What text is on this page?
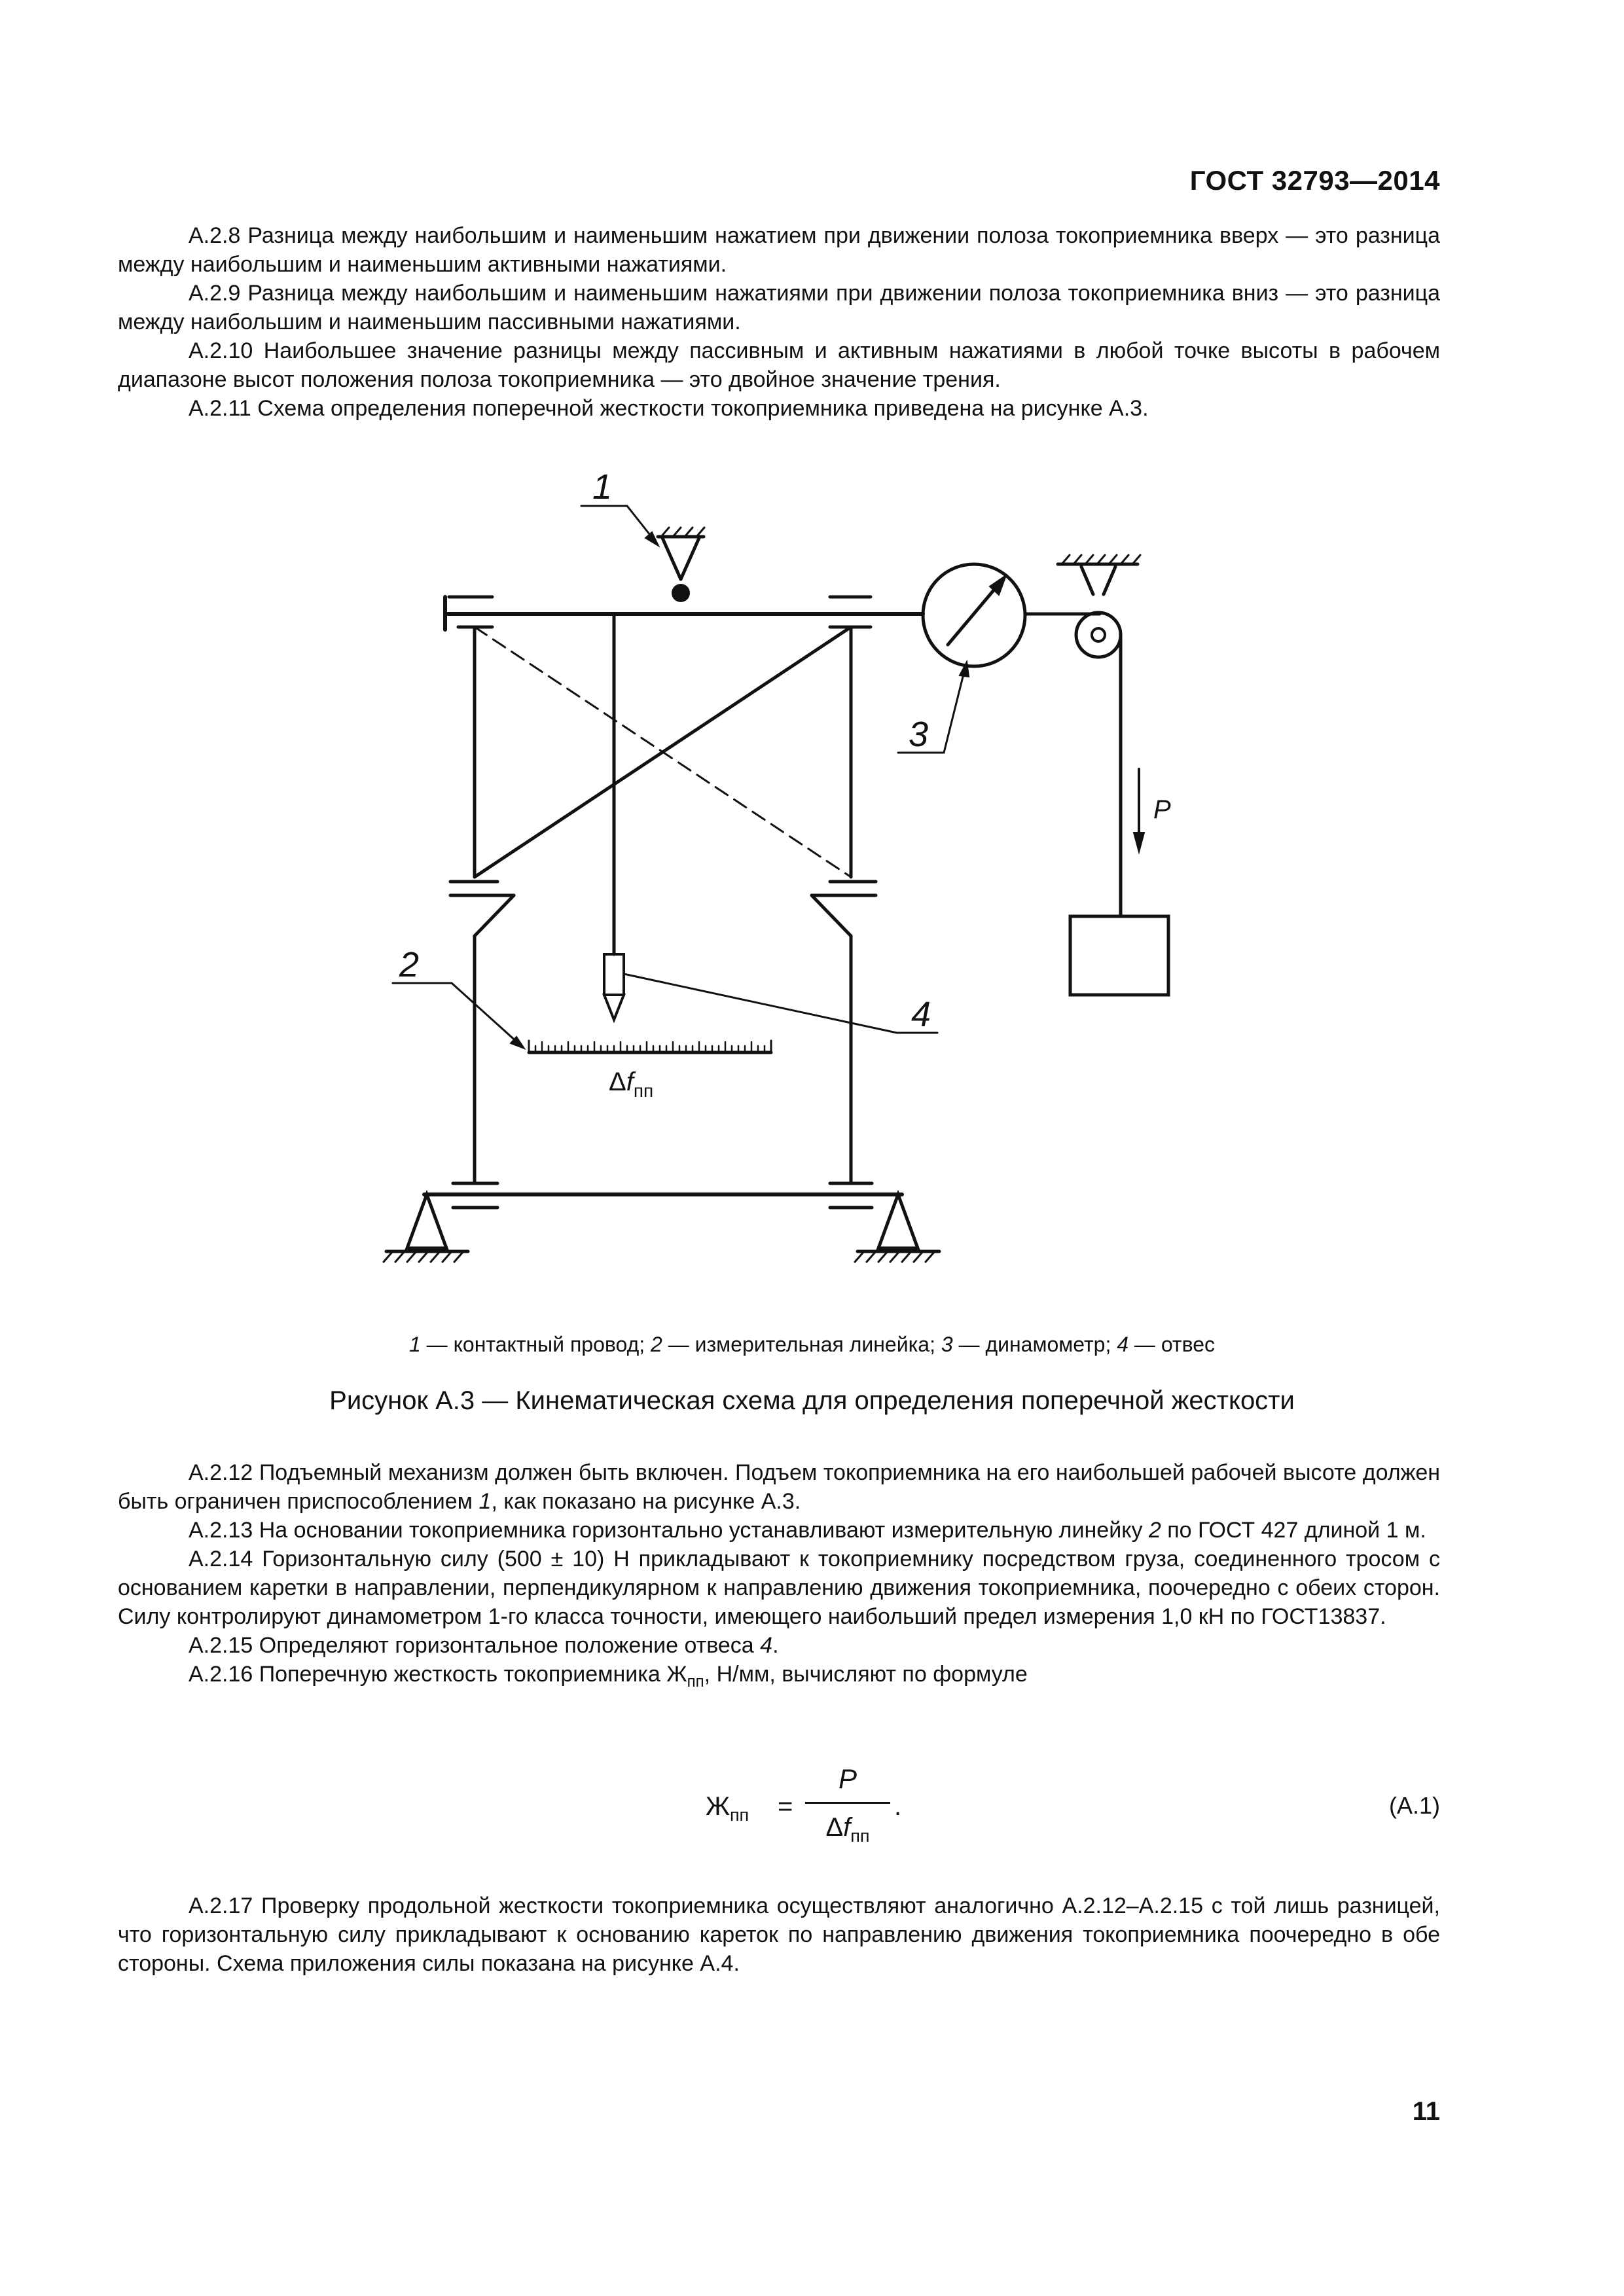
ГОСТ 32793—2014

А.2.8 Разница между наибольшим и наименьшим нажатием при движении полоза токоприемника вверх — это разница между наибольшим и наименьшим активными нажатиями.

А.2.9 Разница между наибольшим и наименьшим нажатиями при движении полоза токоприемника вниз — это разница между наибольшим и наименьшим пассивными нажатиями.

А.2.10 Наибольшее значение разницы между пассивным и активным нажатиями в любой точке высоты в рабочем диапазоне высот положения полоза токоприемника — это двойное значение трения.

А.2.11 Схема определения поперечной жесткости токоприемника приведена на рисунке А.3.

1
2
3
4
P
$\Delta f_{пп}$
1 — контактный провод; 2 — измерительная линейка; 3 — динамометр; 4 — отвес
Рисунок А.3 — Кинематическая схема для определения поперечной жесткости

А.2.12 Подъемный механизм должен быть включен. Подъем токоприемника на его наибольшей рабочей высоте должен быть ограничен приспособлением 1, как показано на рисунке А.3.

А.2.13 На основании токоприемника горизонтально устанавливают измерительную линейку 2 по ГОСТ 427 длиной 1 м.

А.2.14 Горизонтальную силу (500 ± 10) Н прикладывают к токоприемнику посредством груза, соединенного тросом с основанием каретки в направлении, перпендикулярном к направлению движения токоприемника, поочередно с обеих сторон. Силу контролируют динамометром 1-го класса точности, имеющего наибольший предел измерения 1,0 кН по ГОСТ13837.

А.2.15 Определяют горизонтальное положение отвеса 4.

А.2.16 Поперечную жесткость токоприемника $Ж_{пп}$, Н/мм, вычисляют по формуле

$Ж_{пп}$ =
P
$\Delta f_{пп}$
.	(А.1)

А.2.17 Проверку продольной жесткости токоприемника осуществляют аналогично А.2.12–А.2.15 с той лишь разницей, что горизонтальную силу прикладывают к основанию кареток по направлению движения токоприемника поочередно в обе стороны. Схема приложения силы показана на рисунке А.4.

11
